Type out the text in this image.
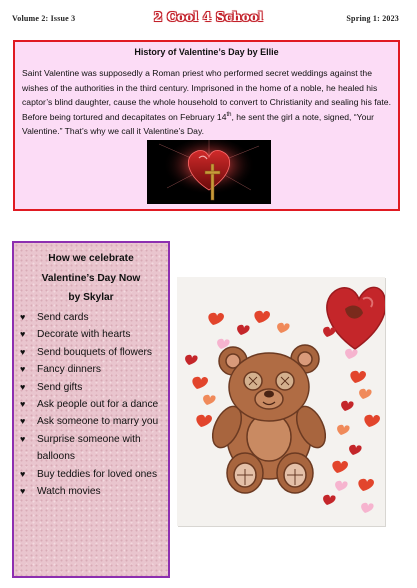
Volume 2: Issue 3	2 Cool 4 School	Spring 1: 2023
History of Valentine’s Day by Ellie
Saint Valentine was supposedly a Roman priest who performed secret weddings against the wishes of the authorities in the third century. Imprisoned in the home of a noble, he healed his captor’s blind daughter, cause the whole household to convert to Christianity and sealing his fate. Before being tortured and decapitates on February 14th, he sent the girl a note, signed, “Your Valentine.” That’s why we call it Valentine’s Day.
How we celebrate
Valentine’s Day Now
by Skylar
♥ Send cards
♥ Decorate with hearts
♥ Send bouquets of flowers
♥ Fancy dinners
♥ Send gifts
♥ Ask people out for a dance
♥ Ask someone to marry you
♥ Surprise someone with balloons
♥ Buy teddies for loved ones
♥ Watch movies
